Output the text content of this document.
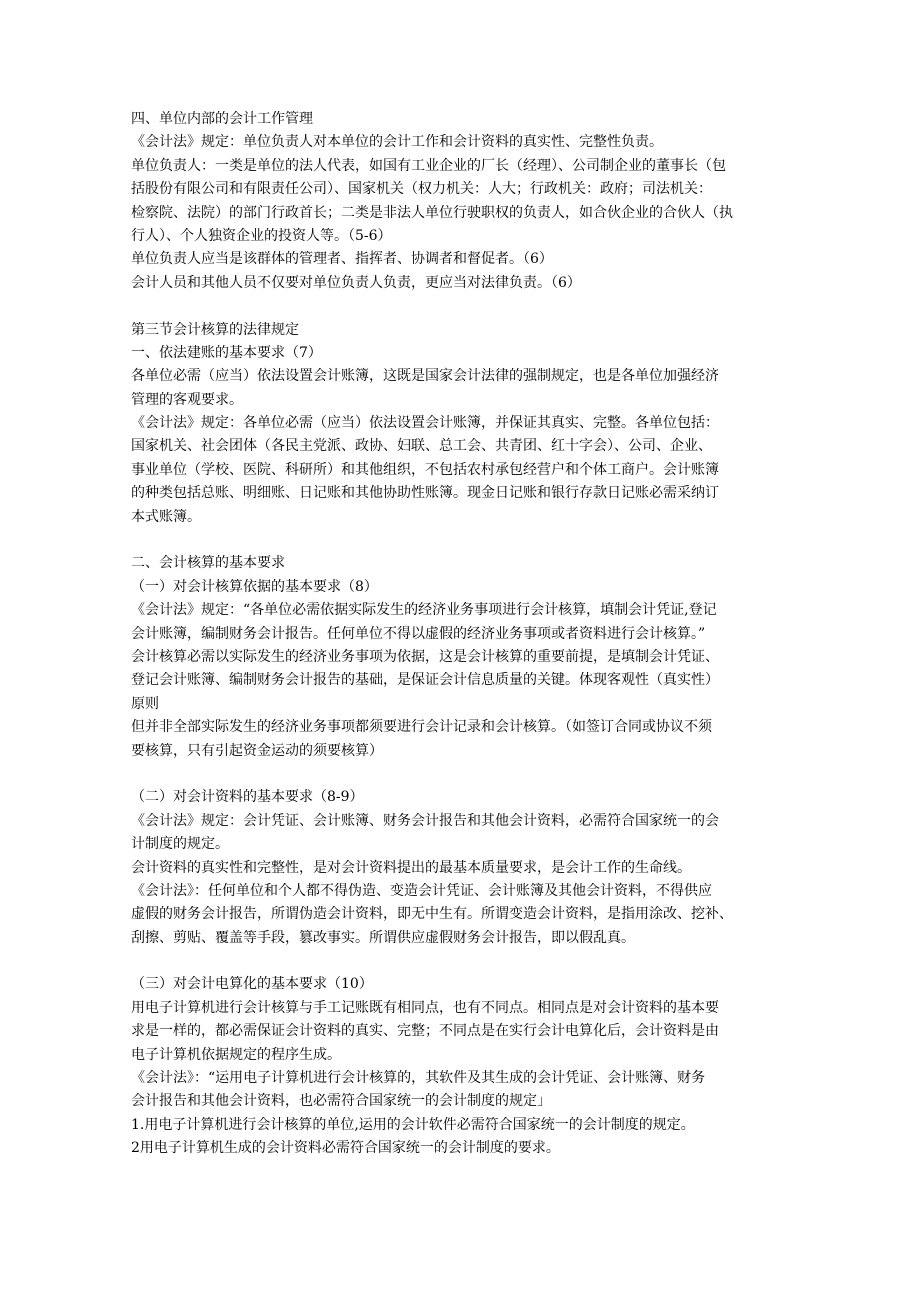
四、单位内部的会计工作管理
《会计法》规定：单位负责人对本单位的会计工作和会计资料的真实性、完整性负责。
单位负责人：一类是单位的法人代表，如国有工业企业的厂长（经理）、公司制企业的董事长（包
括股份有限公司和有限责任公司）、国家机关（权力机关：人大；行政机关：政府；司法机关：
检察院、法院）的部门行政首长；二类是非法人单位行驶职权的负责人，如合伙企业的合伙人（执
行人）、个人独资企业的投资人等。（5-6）
单位负责人应当是该群体的管理者、指挥者、协调者和督促者。（6）
会计人员和其他人员不仅要对单位负责人负责，更应当对法律负责。（6）
第三节会计核算的法律规定
一、依法建账的基本要求（7）
各单位必需（应当）依法设置会计账簿，这既是国家会计法律的强制规定，也是各单位加强经济
管理的客观要求。
《会计法》规定：各单位必需（应当）依法设置会计账簿，并保证其真实、完整。各单位包括：
国家机关、社会团体（各民主党派、政协、妇联、总工会、共青团、红十字会）、公司、企业、
事业单位（学校、医院、科研所）和其他组织，不包括农村承包经营户和个体工商户。会计账簿
的种类包括总账、明细账、日记账和其他协助性账簿。现金日记账和银行存款日记账必需采纳订
本式账簿。
二、会计核算的基本要求
（一）对会计核算依据的基本要求（8）
《会计法》规定：“各单位必需依据实际发生的经济业务事项进行会计核算，填制会计凭证,登记
会计账簿，编制财务会计报告。任何单位不得以虚假的经济业务事项或者资料进行会计核算。”
会计核算必需以实际发生的经济业务事项为依据，这是会计核算的重要前提，是填制会计凭证、
登记会计账簿、编制财务会计报告的基础，是保证会计信息质量的关键。体现客观性（真实性）
原则
但并非全部实际发生的经济业务事项都须要进行会计记录和会计核算。（如签订合同或协议不须
要核算，只有引起资金运动的须要核算）
（二）对会计资料的基本要求（8-9）
《会计法》规定：会计凭证、会计账簿、财务会计报告和其他会计资料，必需符合国家统一的会
计制度的规定。
会计资料的真实性和完整性，是对会计资料提出的最基本质量要求，是会计工作的生命线。
《会计法》：任何单位和个人都不得伪造、变造会计凭证、会计账簿及其他会计资料，不得供应
虚假的财务会计报告，所谓伪造会计资料，即无中生有。所谓变造会计资料，是指用涂改、挖补、
刮擦、剪贴、覆盖等手段，篡改事实。所谓供应虚假财务会计报告，即以假乱真。
（三）对会计电算化的基本要求（10）
用电子计算机进行会计核算与手工记账既有相同点，也有不同点。相同点是对会计资料的基本要
求是一样的，都必需保证会计资料的真实、完整；不同点是在实行会计电算化后，会计资料是由
电子计算机依据规定的程序生成。
《会计法》：“运用电子计算机进行会计核算的，其软件及其生成的会计凭证、会计账簿、财务
会计报告和其他会计资料，也必需符合国家统一的会计制度的规定」
1.用电子计算机进行会计核算的单位,运用的会计软件必需符合国家统一的会计制度的规定。
2用电子计算机生成的会计资料必需符合国家统一的会计制度的要求。
